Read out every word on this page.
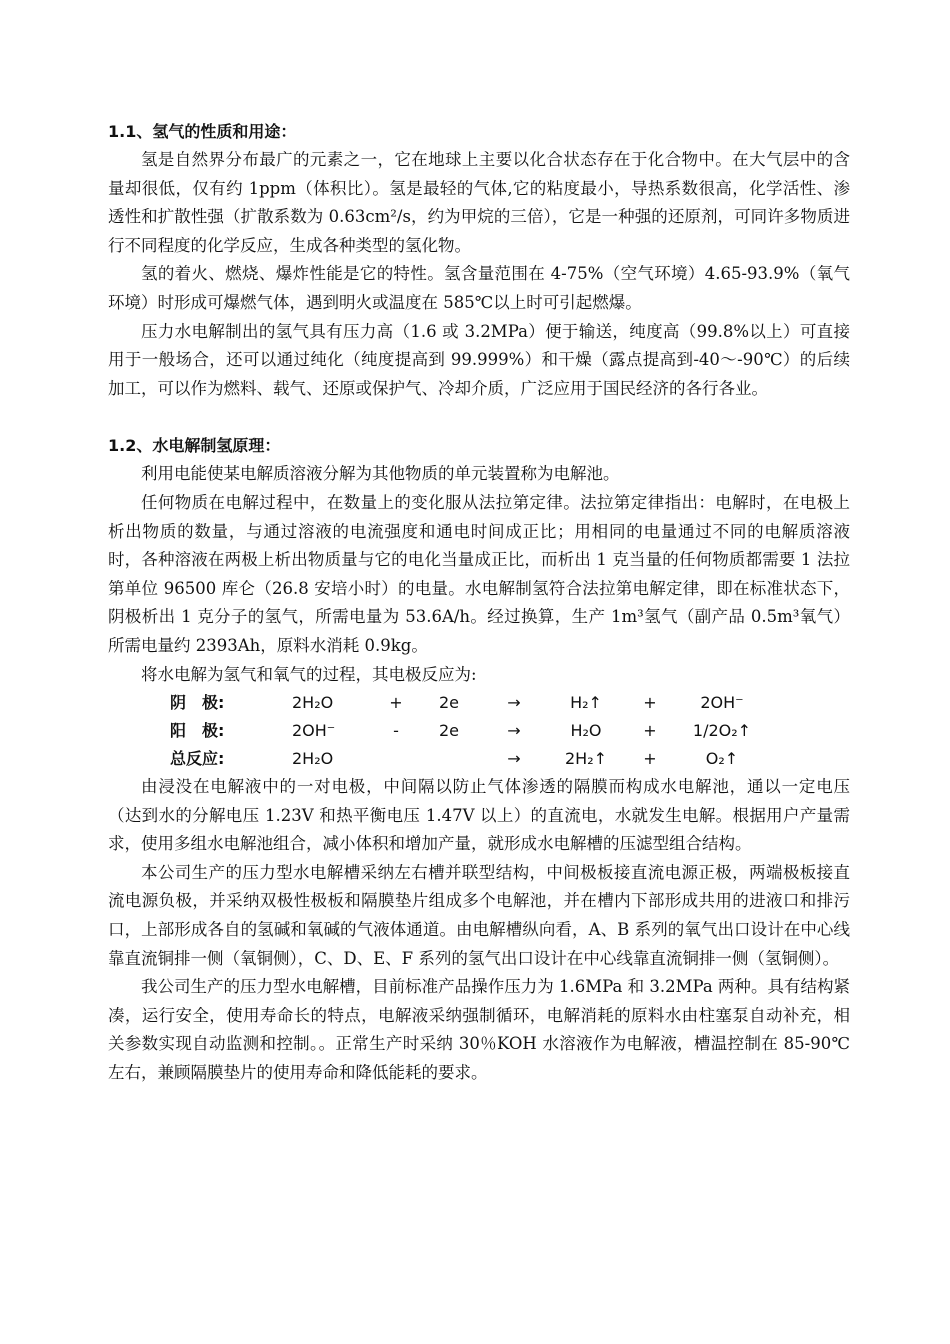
1.1、氢气的性质和用途：

氢是自然界分布最广的元素之一，它在地球上主要以化合状态存在于化合物中。在大气层中的含量却很低，仅有约 1ppm（体积比）。氢是最轻的气体,它的粘度最小，导热系数很高，化学活性、渗透性和扩散性强（扩散系数为 0.63cm²/s，约为甲烷的三倍），它是一种强的还原剂，可同许多物质进行不同程度的化学反应，生成各种类型的氢化物。

氢的着火、燃烧、爆炸性能是它的特性。氢含量范围在 4-75%（空气环境）4.65-93.9%（氧气环境）时形成可爆燃气体，遇到明火或温度在 585℃以上时可引起燃爆。

压力水电解制出的氢气具有压力高（1.6 或 3.2MPa）便于输送，纯度高（99.8%以上）可直接用于一般场合，还可以通过纯化（纯度提高到 99.999%）和干燥（露点提高到-40～-90℃）的后续加工，可以作为燃料、载气、还原或保护气、冷却介质，广泛应用于国民经济的各行各业。

1.2、水电解制氢原理：

利用电能使某电解质溶液分解为其他物质的单元装置称为电解池。

任何物质在电解过程中，在数量上的变化服从法拉第定律。法拉第定律指出：电解时，在电极上析出物质的数量，与通过溶液的电流强度和通电时间成正比；用相同的电量通过不同的电解质溶液时，各种溶液在两极上析出物质量与它的电化当量成正比，而析出 1 克当量的任何物质都需要 1 法拉第单位 96500 库仑（26.8 安培小时）的电量。水电解制氢符合法拉第电解定律，即在标准状态下，阴极析出 1 克分子的氢气，所需电量为 53.6A/h。经过换算，生产 1m³氢气（副产品 0.5m³氧气）所需电量约 2393Ah，原料水消耗 0.9kg。

将水电解为氢气和氧气的过程，其电极反应为:

阴　极:	2H₂O	+	2e	→	H₂↑	+	2OH⁻
阳　极:	2OH⁻	-	2e	→	H₂O	+	1/2O₂↑
总反应:	2H₂O			→	2H₂↑	+	O₂↑

由浸没在电解液中的一对电极，中间隔以防止气体渗透的隔膜而构成水电解池，通以一定电压（达到水的分解电压 1.23V 和热平衡电压 1.47V 以上）的直流电，水就发生电解。根据用户产量需求，使用多组水电解池组合，减小体积和增加产量，就形成水电解槽的压滤型组合结构。

本公司生产的压力型水电解槽采纳左右槽并联型结构，中间极板接直流电源正极，两端极板接直流电源负极，并采纳双极性极板和隔膜垫片组成多个电解池，并在槽内下部形成共用的进液口和排污口，上部形成各自的氢碱和氧碱的气液体通道。由电解槽纵向看，A、B 系列的氧气出口设计在中心线靠直流铜排一侧（氧铜侧），C、D、E、F 系列的氢气出口设计在中心线靠直流铜排一侧（氢铜侧）。

我公司生产的压力型水电解槽，目前标准产品操作压力为 1.6MPa 和 3.2MPa 两种。具有结构紧凑，运行安全，使用寿命长的特点，电解液采纳强制循环，电解消耗的原料水由柱塞泵自动补充，相关参数实现自动监测和控制。。正常生产时采纳 30％KOH 水溶液作为电解液，槽温控制在 85-90℃左右，兼顾隔膜垫片的使用寿命和降低能耗的要求。
